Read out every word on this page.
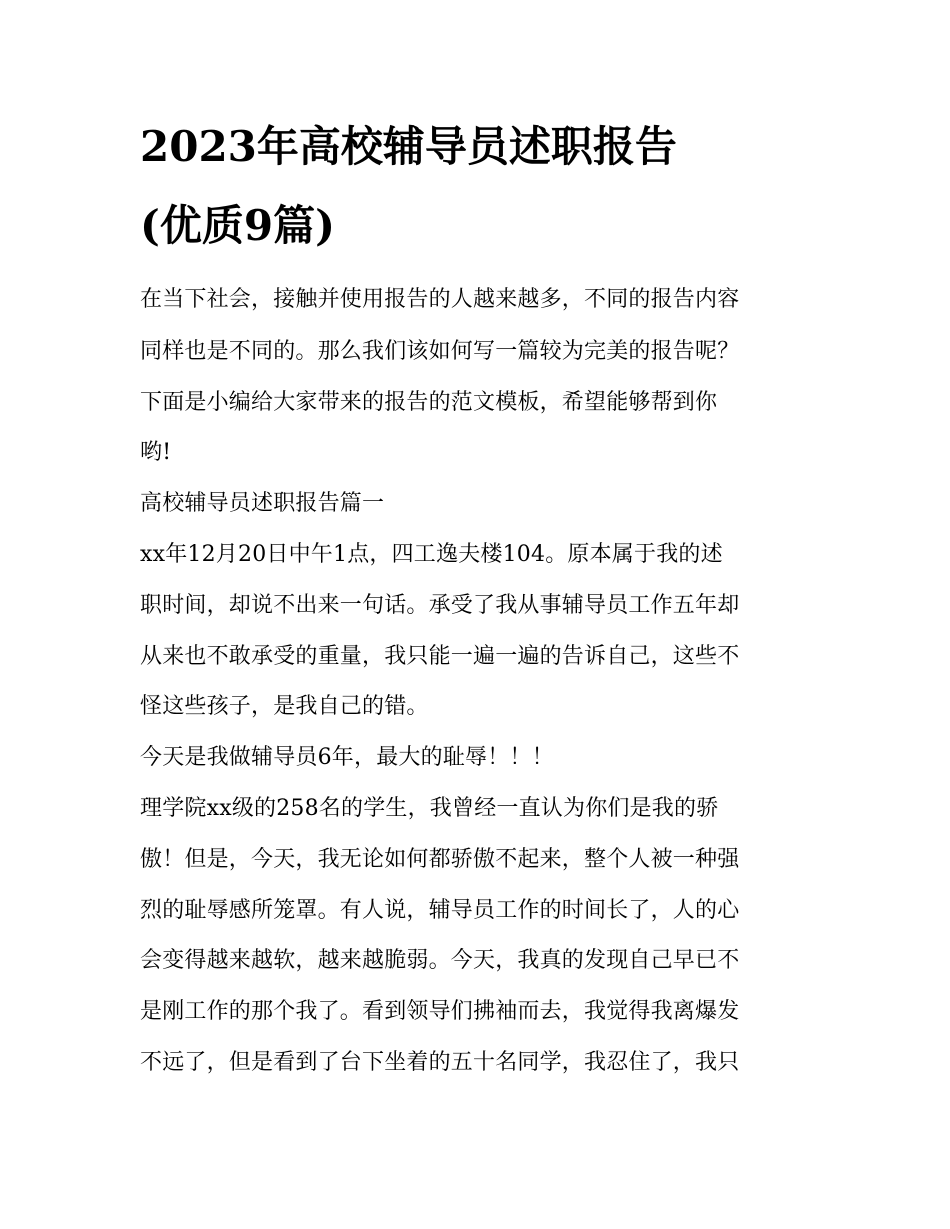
2023年高校辅导员述职报告
(优质9篇)

在当下社会，接触并使用报告的人越来越多，不同的报告内容

同样也是不同的。那么我们该如何写一篇较为完美的报告呢？

下面是小编给大家带来的报告的范文模板，希望能够帮到你

哟!

高校辅导员述职报告篇一

xx年12月20日中午1点，四工逸夫楼104。原本属于我的述

职时间，却说不出来一句话。承受了我从事辅导员工作五年却

从来也不敢承受的重量，我只能一遍一遍的告诉自己，这些不

怪这些孩子，是我自己的错。

今天是我做辅导员6年，最大的耻辱！！！

理学院xx级的258名的学生，我曾经一直认为你们是我的骄

傲！但是，今天，我无论如何都骄傲不起来，整个人被一种强

烈的耻辱感所笼罩。有人说，辅导员工作的时间长了，人的心

会变得越来越软，越来越脆弱。今天，我真的发现自己早已不

是刚工作的那个我了。看到领导们拂袖而去，我觉得我离爆发

不远了，但是看到了台下坐着的五十名同学，我忍住了，我只
